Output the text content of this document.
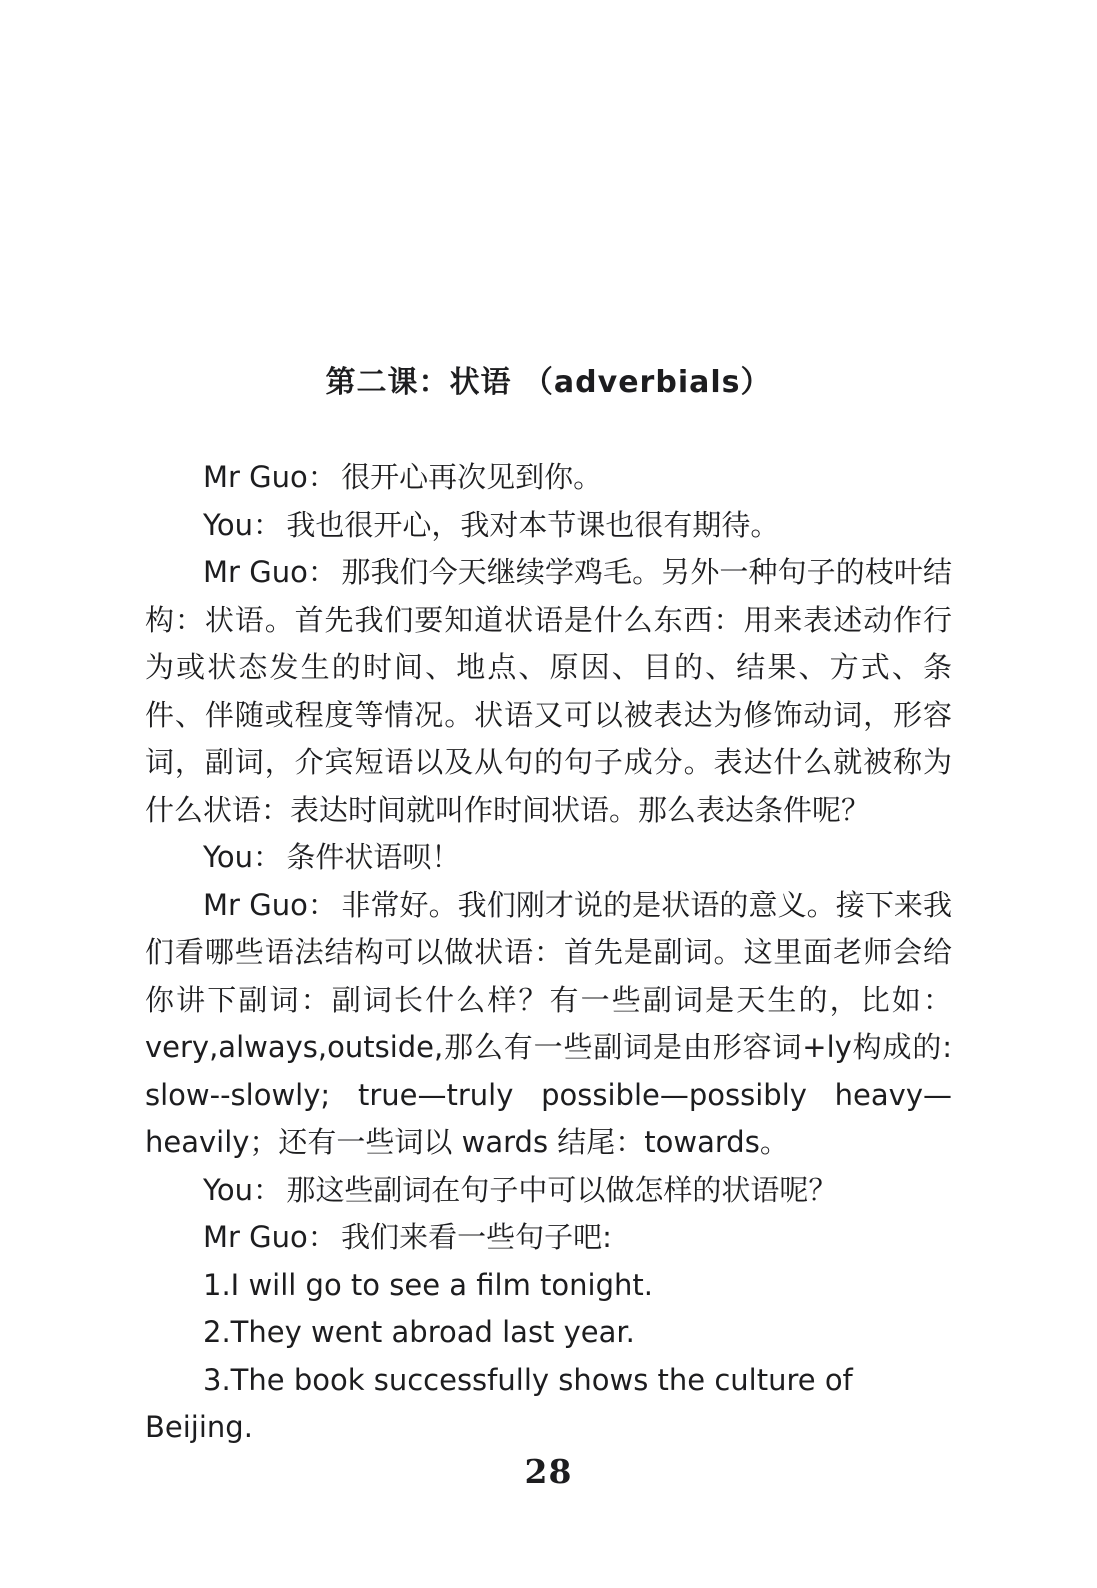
第二课：状语 （adverbials）

Mr Guo： 很开心再次见到你。

You： 我也很开心，我对本节课也很有期待。

Mr Guo： 那我们今天继续学鸡毛。另外一种句子的枝叶结构：状语。首先我们要知道状语是什么东西：用来表述动作行为或状态发生的时间、地点、原因、目的、结果、方式、条件、伴随或程度等情况。状语又可以被表达为修饰动词，形容词，副词，介宾短语以及从句的句子成分。表达什么就被称为什么状语：表达时间就叫作时间状语。那么表达条件呢？

You： 条件状语呗！

Mr Guo： 非常好。我们刚才说的是状语的意义。接下来我们看哪些语法结构可以做状语：首先是副词。这里面老师会给你讲下副词：副词长什么样？有一些副词是天生的，比如：very,always,outside,那么有一些副词是由形容词+ly构成的: slow--slowly; true—truly possible—possibly heavy—heavily；还有一些词以 wards 结尾：towards。

You： 那这些副词在句子中可以做怎样的状语呢？

Mr Guo： 我们来看一些句子吧:

1.I will go to see a film tonight.

2.They went abroad last year.

3.The book successfully shows the culture of Beijing.

28
